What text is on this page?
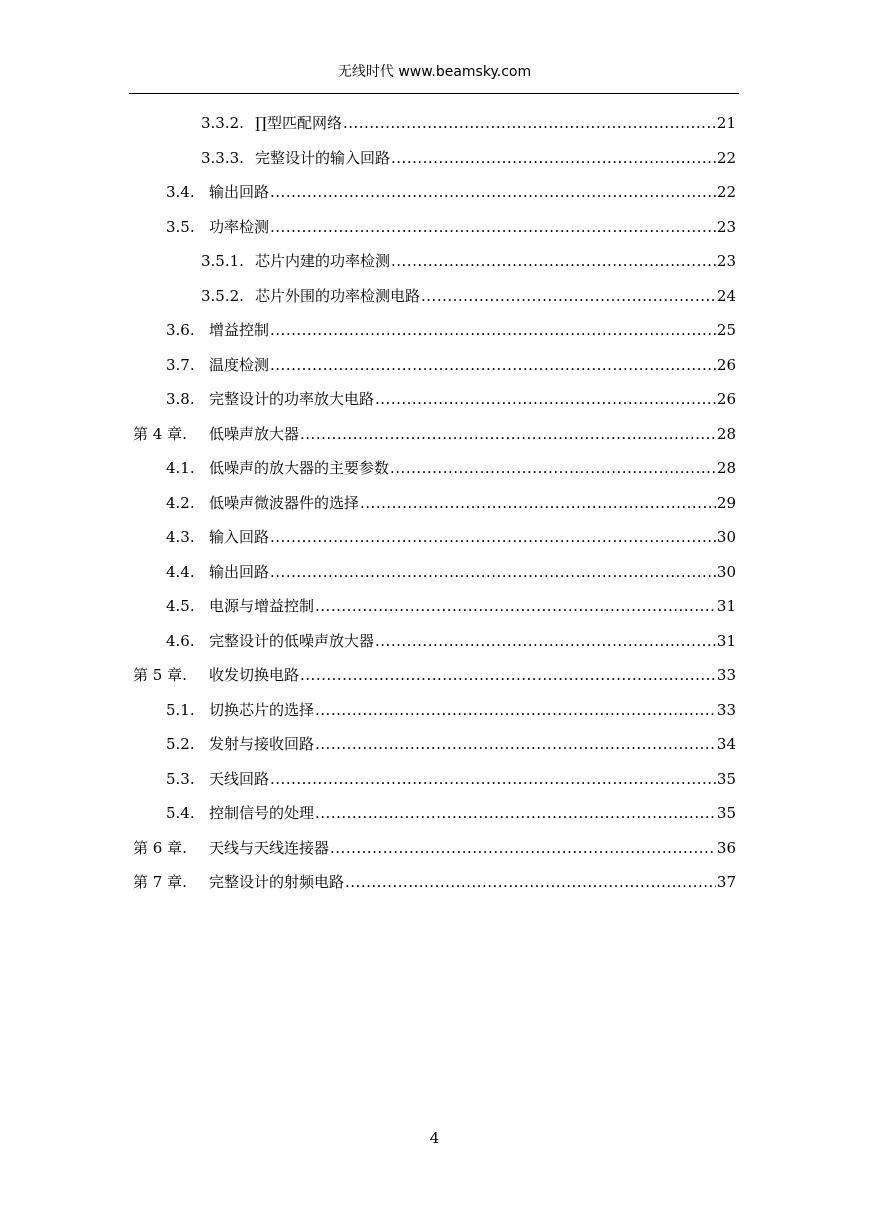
无线时代 www.beamsky.com
3.3.2. ∏型匹配网络 .....	21
3.3.3. 完整设计的输入回路 .....	22
3.4. 输出回路 .....	22
3.5. 功率检测 .....	23
3.5.1. 芯片内建的功率检测 .....	23
3.5.2. 芯片外围的功率检测电路 .....	24
3.6. 增益控制 .....	25
3.7. 温度检测 .....	26
3.8. 完整设计的功率放大电路 .....	26
第 4 章.	低噪声放大器 .....	28
4.1. 低噪声的放大器的主要参数 .....	28
4.2. 低噪声微波器件的选择 .....	29
4.3. 输入回路 .....	30
4.4. 输出回路 .....	30
4.5. 电源与增益控制 .....	31
4.6. 完整设计的低噪声放大器 .....	31
第 5 章.	收发切换电路 .....	33
5.1. 切换芯片的选择 .....	33
5.2. 发射与接收回路 .....	34
5.3. 天线回路 .....	35
5.4. 控制信号的处理 .....	35
第 6 章.	天线与天线连接器 .....	36
第 7 章.	完整设计的射频电路 .....	37
4
